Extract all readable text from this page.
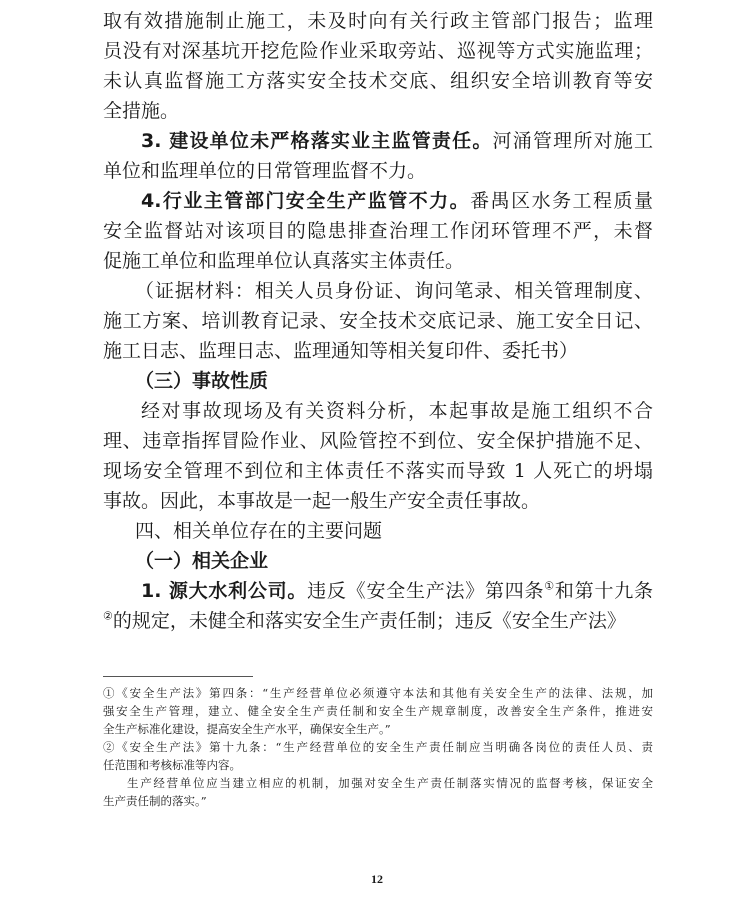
取有效措施制止施工，未及时向有关行政主管部门报告；监理
员没有对深基坑开挖危险作业采取旁站、巡视等方式实施监理；
未认真监督施工方落实安全技术交底、组织安全培训教育等安
全措施。
3. 建设单位未严格落实业主监管责任。河涌管理所对施工
单位和监理单位的日常管理监督不力。
4.行业主管部门安全生产监管不力。番禺区水务工程质量
安全监督站对该项目的隐患排查治理工作闭环管理不严，未督
促施工单位和监理单位认真落实主体责任。
（证据材料：相关人员身份证、询问笔录、相关管理制度、
施工方案、培训教育记录、安全技术交底记录、施工安全日记、
施工日志、监理日志、监理通知等相关复印件、委托书）
（三）事故性质
经对事故现场及有关资料分析，本起事故是施工组织不合
理、违章指挥冒险作业、风险管控不到位、安全保护措施不足、
现场安全管理不到位和主体责任不落实而导致 1 人死亡的坍塌
事故。因此，本事故是一起一般生产安全责任事故。
四、相关单位存在的主要问题
（一）相关企业
1. 源大水利公司。违反《安全生产法》第四条①和第十九条
②的规定，未健全和落实安全生产责任制；违反《安全生产法》
①《安全生产法》第四条：“生产经营单位必须遵守本法和其他有关安全生产的法律、法规，加
强安全生产管理，建立、健全安全生产责任制和安全生产规章制度，改善安全生产条件，推进安
全生产标准化建设，提高安全生产水平，确保安全生产。”
②《安全生产法》第十九条：“生产经营单位的安全生产责任制应当明确各岗位的责任人员、责
任范围和考核标准等内容。
生产经营单位应当建立相应的机制，加强对安全生产责任制落实情况的监督考核，保证安全
生产责任制的落实。”
12
